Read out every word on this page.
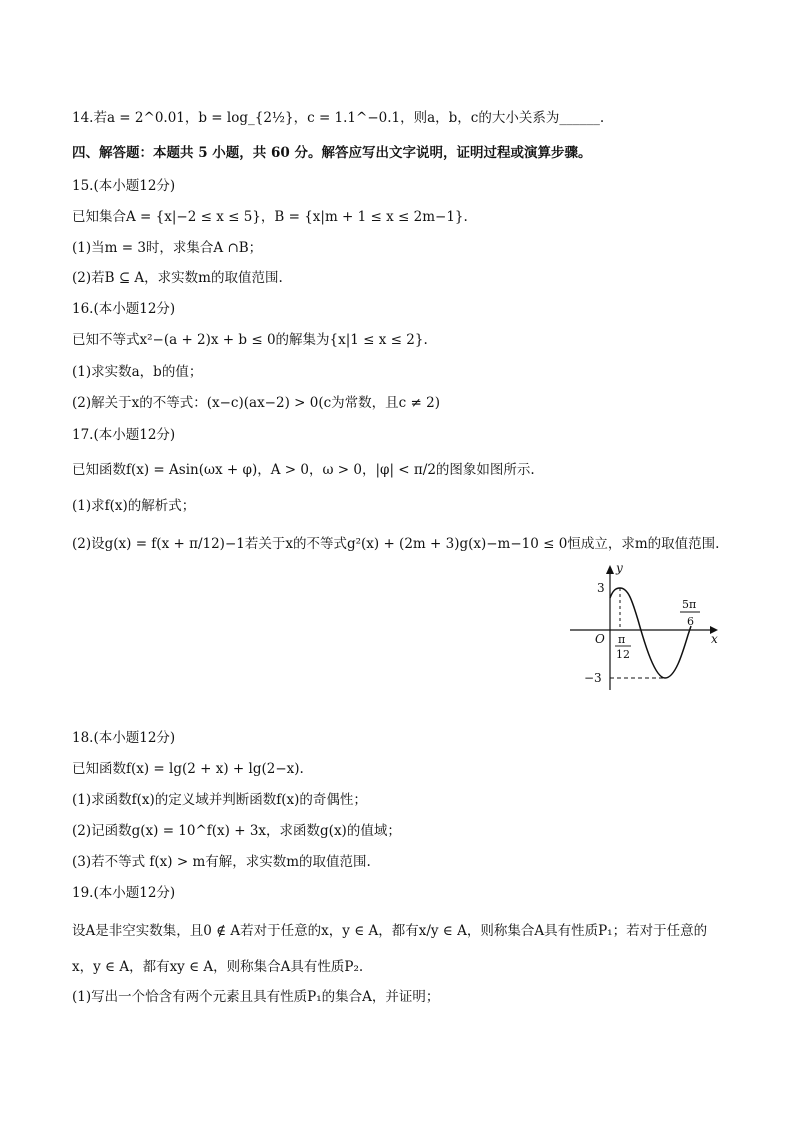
14.若a = 2^0.01，b = log_{2½}，c = 1.1^−0.1，则a，b，c的大小关系为______.
四、解答题：本题共 5 小题，共 60 分。解答应写出文字说明，证明过程或演算步骤。
15.(本小题12分)
已知集合A = {x|−2 ≤ x ≤ 5}，B = {x|m + 1 ≤ x ≤ 2m−1}.
(1)当m = 3时，求集合A ∩B；
(2)若B ⊆ A，求实数m的取值范围.
16.(本小题12分)
已知不等式x²−(a + 2)x + b ≤ 0的解集为{x|1 ≤ x ≤ 2}.
(1)求实数a，b的值；
(2)解关于x的不等式：(x−c)(ax−2) > 0(c为常数，且c ≠ 2)
17.(本小题12分)
已知函数f(x) = Asin(ωx + φ)，A > 0，ω > 0，|φ| < π/2的图象如图所示.
(1)求f(x)的解析式；
(2)设g(x) = f(x + π/12)−1若关于x的不等式g²(x) + (2m + 3)g(x)−m−10 ≤ 0恒成立，求m的取值范围.
y
x
O
3
−3
π
12
5π
6
18.(本小题12分)
已知函数f(x) = lg(2 + x) + lg(2−x).
(1)求函数f(x)的定义域并判断函数f(x)的奇偶性；
(2)记函数g(x) = 10^f(x) + 3x，求函数g(x)的值域；
(3)若不等式 f(x) > m有解，求实数m的取值范围.
19.(本小题12分)
设A是非空实数集，且0 ∉ A若对于任意的x，y ∈ A，都有x/y ∈ A，则称集合A具有性质P₁；若对于任意的
x，y ∈ A，都有xy ∈ A，则称集合A具有性质P₂.
(1)写出一个恰含有两个元素且具有性质P₁的集合A，并证明；
